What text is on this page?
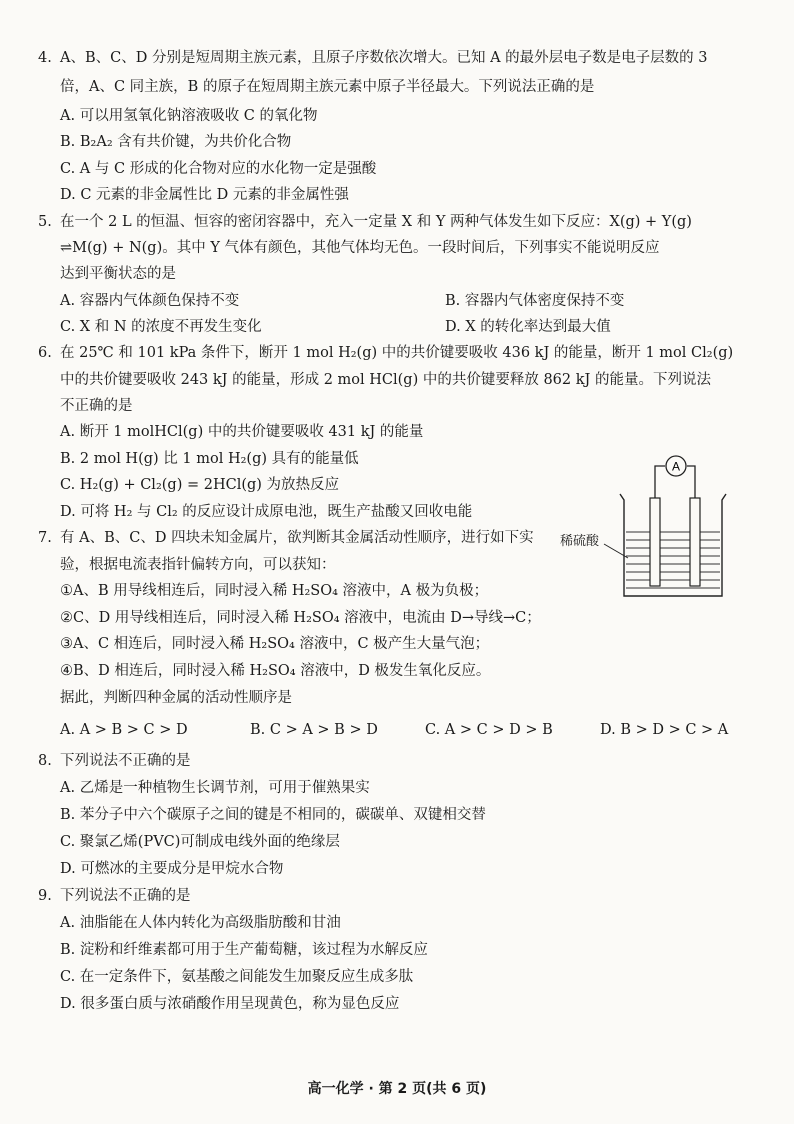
4. A、B、C、D 分别是短周期主族元素，且原子序数依次增大。已知 A 的最外层电子数是电子层数的 3
倍，A、C 同主族，B 的原子在短周期主族元素中原子半径最大。下列说法正确的是
A. 可以用氢氧化钠溶液吸收 C 的氧化物
B. B₂A₂ 含有共价键，为共价化合物
C. A 与 C 形成的化合物对应的水化物一定是强酸
D. C 元素的非金属性比 D 元素的非金属性强
5. 在一个 2 L 的恒温、恒容的密闭容器中，充入一定量 X 和 Y 两种气体发生如下反应：X(g) + Y(g)
⇌M(g) + N(g)。其中 Y 气体有颜色，其他气体均无色。一段时间后，下列事实不能说明反应
达到平衡状态的是
A. 容器内气体颜色保持不变	B. 容器内气体密度保持不变
C. X 和 N 的浓度不再发生变化	D. X 的转化率达到最大值
6. 在 25℃ 和 101 kPa 条件下，断开 1 mol H₂(g) 中的共价键要吸收 436 kJ 的能量，断开 1 mol Cl₂(g)
中的共价键要吸收 243 kJ 的能量，形成 2 mol HCl(g) 中的共价键要释放 862 kJ 的能量。下列说法
不正确的是
A. 断开 1 molHCl(g) 中的共价键要吸收 431 kJ 的能量
B. 2 mol H(g) 比 1 mol H₂(g) 具有的能量低
C. H₂(g) + Cl₂(g) = 2HCl(g) 为放热反应
D. 可将 H₂ 与 Cl₂ 的反应设计成原电池，既生产盐酸又回收电能
7. 有 A、B、C、D 四块未知金属片，欲判断其金属活动性顺序，进行如下实
验，根据电流表指针偏转方向，可以获知：
①A、B 用导线相连后，同时浸入稀 H₂SO₄ 溶液中，A 极为负极；
②C、D 用导线相连后，同时浸入稀 H₂SO₄ 溶液中，电流由 D→导线→C；
③A、C 相连后，同时浸入稀 H₂SO₄ 溶液中，C 极产生大量气泡；
④B、D 相连后，同时浸入稀 H₂SO₄ 溶液中，D 极发生氧化反应。
据此，判断四种金属的活动性顺序是
A. A > B > C > D	B. C > A > B > D	C. A > C > D > B	D. B > D > C > A
A
稀硫酸
8. 下列说法不正确的是
A. 乙烯是一种植物生长调节剂，可用于催熟果实
B. 苯分子中六个碳原子之间的键是不相同的，碳碳单、双键相交替
C. 聚氯乙烯(PVC)可制成电线外面的绝缘层
D. 可燃冰的主要成分是甲烷水合物
9. 下列说法不正确的是
A. 油脂能在人体内转化为高级脂肪酸和甘油
B. 淀粉和纤维素都可用于生产葡萄糖，该过程为水解反应
C. 在一定条件下，氨基酸之间能发生加聚反应生成多肽
D. 很多蛋白质与浓硝酸作用呈现黄色，称为显色反应
高一化学 · 第 2 页(共 6 页)
